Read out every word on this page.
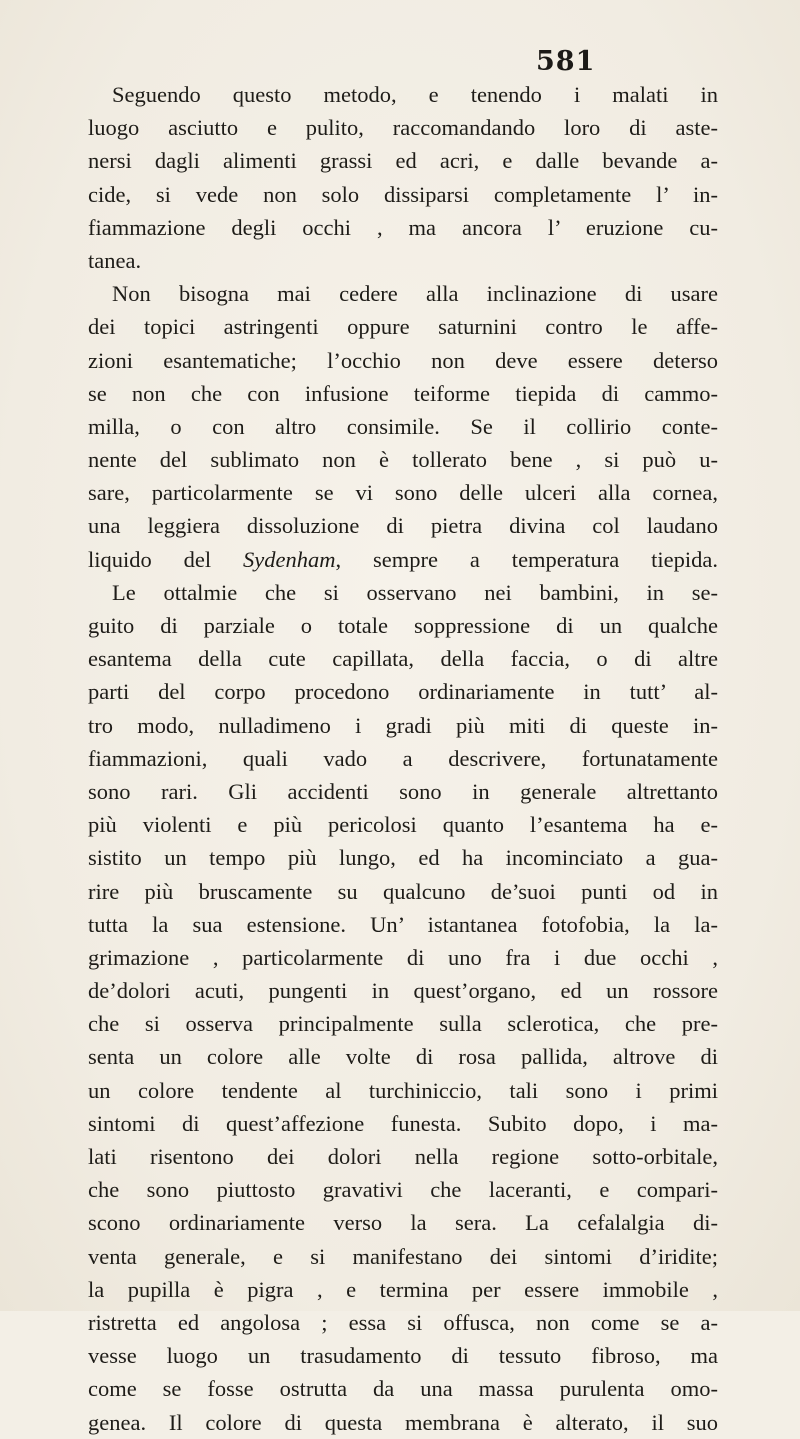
581
Seguendo questo metodo, e tenendo i malati in
luogo asciutto e pulito, raccomandando loro di aste-
nersi dagli alimenti grassi ed acri, e dalle bevande a-
cide, si vede non solo dissiparsi completamente l’ in-
fiammazione degli occhi , ma ancora l’ eruzione cu-
tanea.
Non bisogna mai cedere alla inclinazione di usare
dei topici astringenti oppure saturnini contro le affe-
zioni esantematiche; l’occhio non deve essere deterso
se non che con infusione teiforme tiepida di cammo-
milla, o con altro consimile. Se il collirio conte-
nente del sublimato non è tollerato bene , si può u-
sare, particolarmente se vi sono delle ulceri alla cornea,
una leggiera dissoluzione di pietra divina col laudano
liquido del Sydenham, sempre a temperatura tiepida.
Le ottalmie che si osservano nei bambini, in se-
guito di parziale o totale soppressione di un qualche
esantema della cute capillata, della faccia, o di altre
parti del corpo procedono ordinariamente in tutt’ al-
tro modo, nulladimeno i gradi più miti di queste in-
fiammazioni, quali vado a descrivere, fortunatamente
sono rari. Gli accidenti sono in generale altrettanto
più violenti e più pericolosi quanto l’esantema ha e-
sistito un tempo più lungo, ed ha incominciato a gua-
rire più bruscamente su qualcuno de’suoi punti od in
tutta la sua estensione. Un’ istantanea fotofobia, la la-
grimazione , particolarmente di uno fra i due occhi ,
de’dolori acuti, pungenti in quest’organo, ed un rossore
che si osserva principalmente sulla sclerotica, che pre-
senta un colore alle volte di rosa pallida, altrove di
un colore tendente al turchiniccio, tali sono i primi
sintomi di quest’affezione funesta. Subito dopo, i ma-
lati risentono dei dolori nella regione sotto-orbitale,
che sono piuttosto gravativi che laceranti, e compari-
scono ordinariamente verso la sera. La cefalalgia di-
venta generale, e si manifestano dei sintomi d’iridite;
la pupilla è pigra , e termina per essere immobile ,
ristretta ed angolosa ; essa si offusca, non come se a-
vesse luogo un trasudamento di tessuto fibroso, ma
come se fosse ostrutta da una massa purulenta omo-
genea. Il colore di questa membrana è alterato, il suo
